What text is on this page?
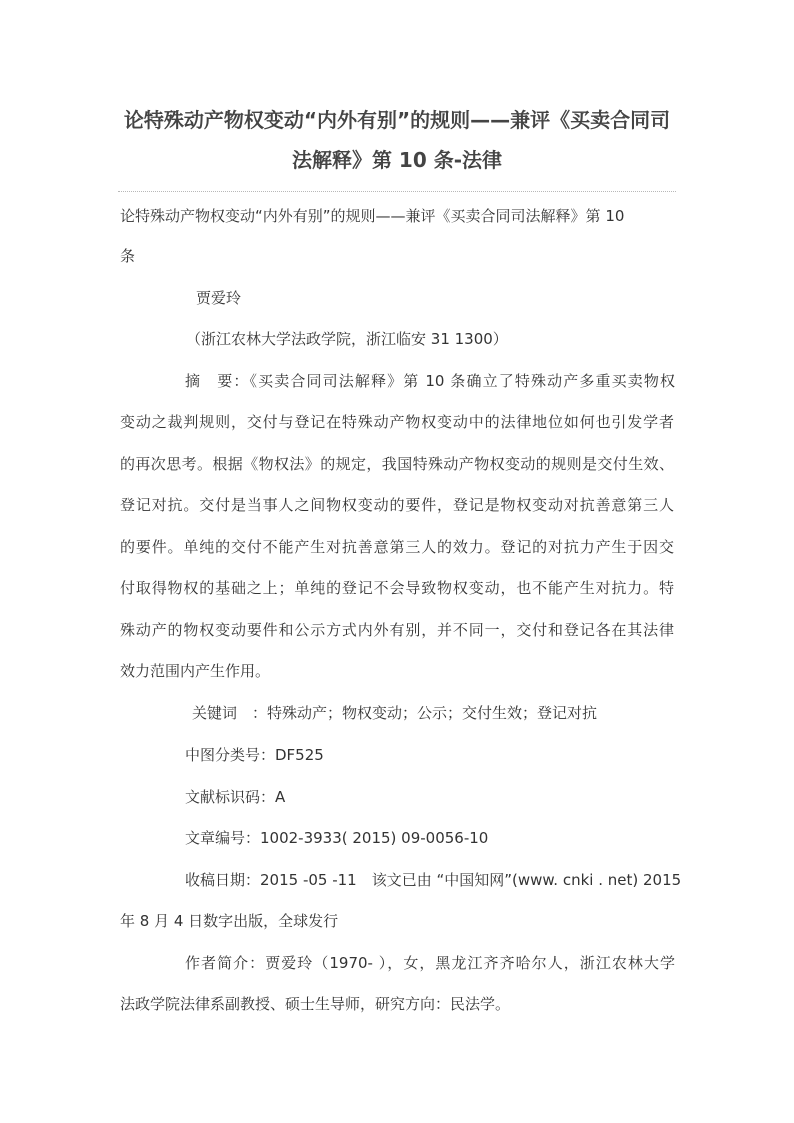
论特殊动产物权变动“内外有别”的规则——兼评《买卖合同司法解释》第 10 条-法律
论特殊动产物权变动“内外有别”的规则——兼评《买卖合同司法解释》第 10
条
贾爱玲
（浙江农林大学法政学院，浙江临安 31 1300）
摘　要：《买卖合同司法解释》第 10 条确立了特殊动产多重买卖物权
变动之裁判规则，交付与登记在特殊动产物权变动中的法律地位如何也引发学者
的再次思考。根据《物权法》的规定，我国特殊动产物权变动的规则是交付生效、
登记对抗。交付是当事人之间物权变动的要件，登记是物权变动对抗善意第三人
的要件。单纯的交付不能产生对抗善意第三人的效力。登记的对抗力产生于因交
付取得物权的基础之上；单纯的登记不会导致物权变动，也不能产生对抗力。特
殊动产的物权变动要件和公示方式内外有别，并不同一，交付和登记各在其法律
效力范围内产生作用。
关键词　：特殊动产；物权变动；公示；交付生效；登记对抗
中图分类号：DF525
文献标识码：A
文章编号：1002-3933( 2015) 09-0056-10
收稿日期：2015 -05 -11　该文已由 “中国知网”(www. cnki . net) 2015
年 8 月 4 日数字出版，全球发行
作者简介：贾爱玲（1970- ），女，黑龙江齐齐哈尔人，浙江农林大学
法政学院法律系副教授、硕士生导师，研究方向：民法学。
